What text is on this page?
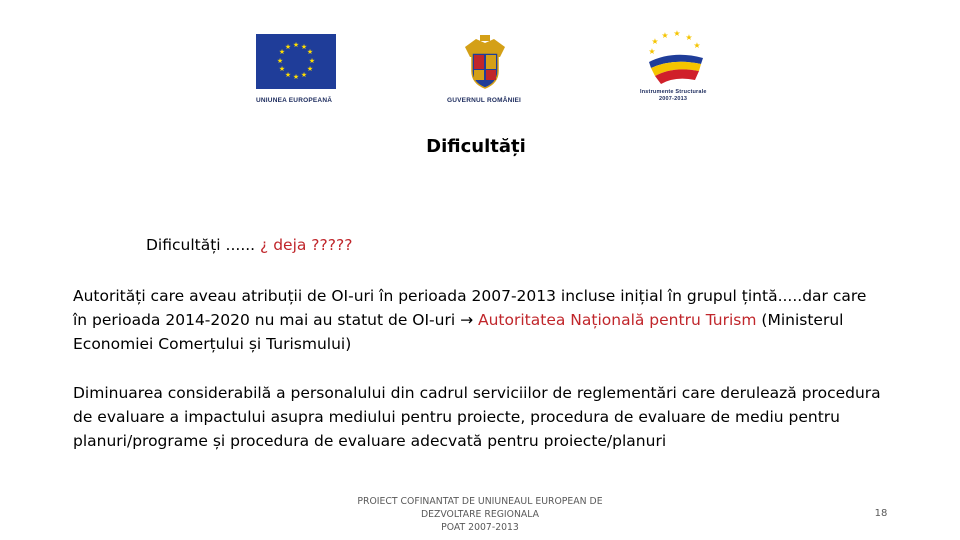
★ ★
★
★
★
★
★
★
★
★
★
★
UNIUNEA EUROPEANĂ	GUVERNUL ROMÂNIEI
★
★ ★ ★
★
★
Instrumente Structurale
2007-2013
Dificultăți
Dificultăți ...... ¿ deja ?????
Autorități care aveau atribuții de OI-uri în perioada 2007-2013 incluse inițial în grupul țintă.....dar care
în perioada 2014-2020 nu mai au statut de OI-uri → Autoritatea Națională pentru Turism (Ministerul
Economiei Comerțului și Turismului)
Diminuarea considerabilă a personalului din cadrul serviciilor de reglementări care derulează procedura
de evaluare a impactului asupra mediului pentru proiecte, procedura de evaluare de mediu pentru
planuri/programe și procedura de evaluare adecvată pentru proiecte/planuri
PROIECT COFINANTAT DE UNIUNEAUL EUROPEAN DE
DEZVOLTARE REGIONALA
POAT 2007-2013
18
